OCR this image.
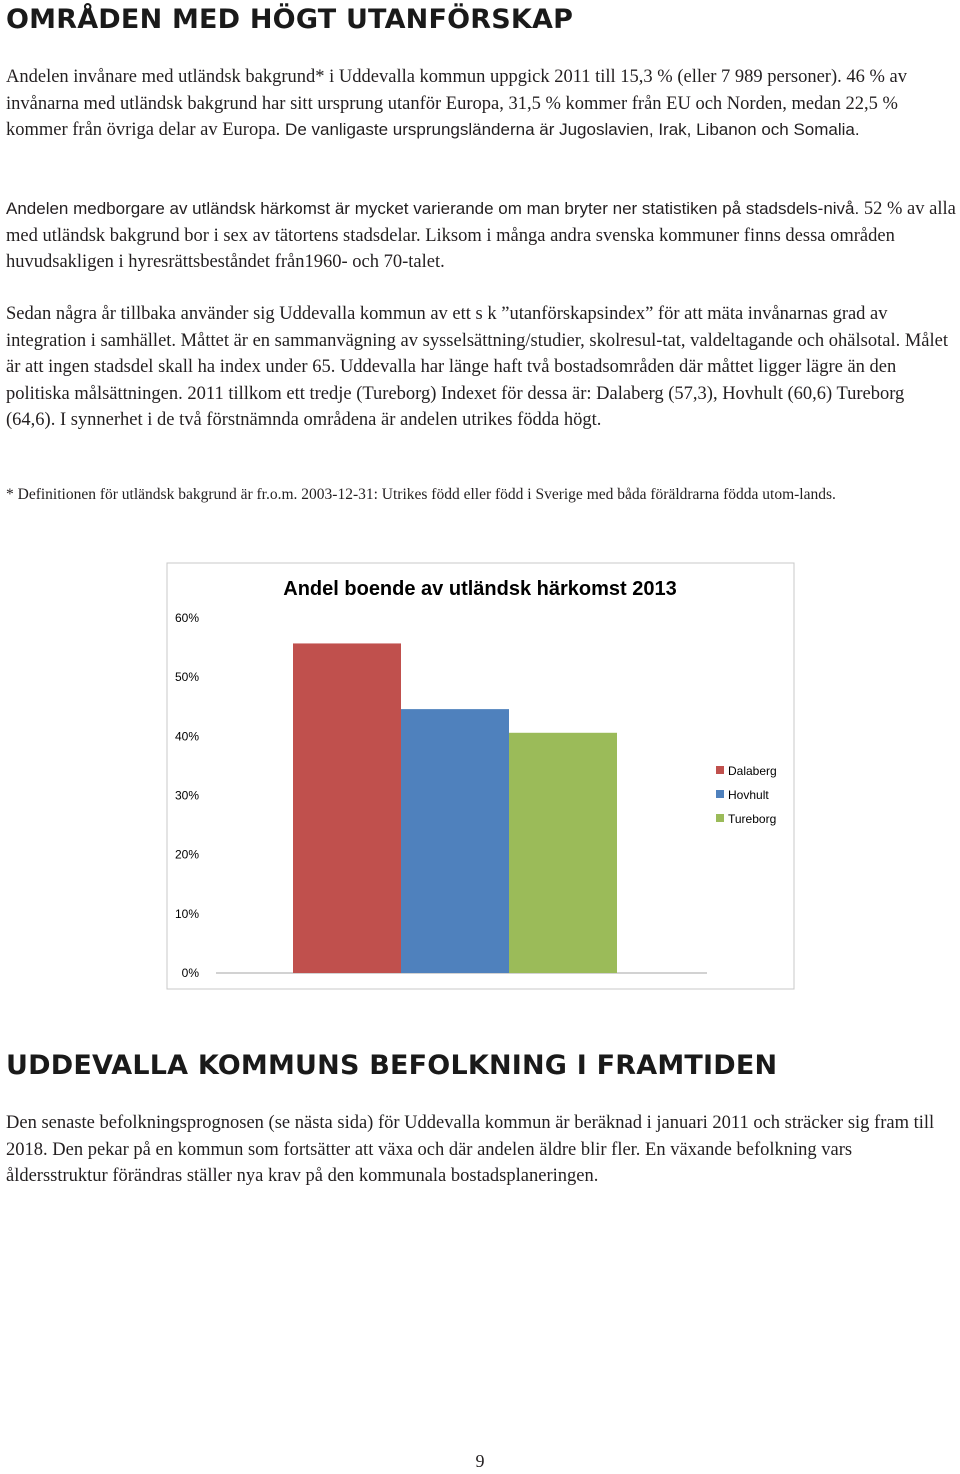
OMRÅDEN MED HÖGT UTANFÖRSKAP

Andelen invånare med utländsk bakgrund* i Uddevalla kommun uppgick 2011 till 15,3 % (eller 7 989 personer). 46 % av invånarna med utländsk bakgrund har sitt ursprung utanför Europa, 31,5 % kommer från EU och Norden, medan 22,5 % kommer från övriga delar av Europa. De vanligaste ursprungsländerna är Jugoslavien, Irak, Libanon och Somalia.

Andelen medborgare av utländsk härkomst är mycket varierande om man bryter ner statistiken på stadsdels-nivå. 52 % av alla med utländsk bakgrund bor i sex av tätortens stadsdelar. Liksom i många andra svenska kommuner finns dessa områden huvudsakligen i hyresrättsbeståndet från1960- och 70-talet.

Sedan några år tillbaka använder sig Uddevalla kommun av ett s k ”utanförskapsindex” för att mäta invånarnas grad av integration i samhället. Måttet är en sammanvägning av sysselsättning/studier, skolresul-tat, valdeltagande och ohälsotal. Målet är att ingen stadsdel skall ha index under 65. Uddevalla har länge haft två bostadsområden där måttet ligger lägre än den politiska målsättningen. 2011 tillkom ett tredje (Tureborg) Indexet för dessa är: Dalaberg (57,3), Hovhult (60,6) Tureborg (64,6). I synnerhet i de två förstnämnda områdena är andelen utrikes födda högt.

* Definitionen för utländsk bakgrund är fr.o.m. 2003-12-31: Utrikes född eller född i Sverige med båda föräldrarna födda utom-lands.

Andel boende av utländsk härkomst 2013
0%
10%
20%
30%
40%
50%
60%
Dalaberg
Hovhult
Tureborg
UDDEVALLA KOMMUNS BEFOLKNING I FRAMTIDEN

Den senaste befolkningsprognosen (se nästa sida) för Uddevalla kommun är beräknad i januari 2011 och sträcker sig fram till 2018. Den pekar på en kommun som fortsätter att växa och där andelen äldre blir fler. En växande befolkning vars åldersstruktur förändras ställer nya krav på den kommunala bostadsplaneringen.

9
